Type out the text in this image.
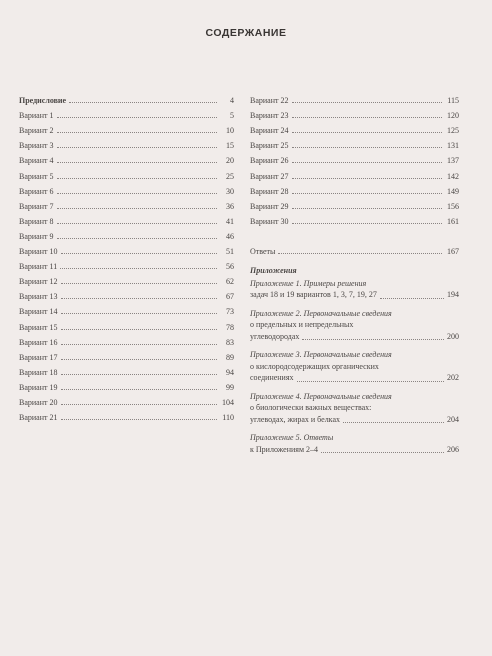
СОДЕРЖАНИЕ
Предисловие	4
Вариант 1	5
Вариант 2	10
Вариант 3	15
Вариант 4	20
Вариант 5	25
Вариант 6	30
Вариант 7	36
Вариант 8	41
Вариант 9	46
Вариант 10	51
Вариант 11	56
Вариант 12	62
Вариант 13	67
Вариант 14	73
Вариант 15	78
Вариант 16	83
Вариант 17	89
Вариант 18	94
Вариант 19	99
Вариант 20	104
Вариант 21	110
Вариант 22	115
Вариант 23	120
Вариант 24	125
Вариант 25	131
Вариант 26	137
Вариант 27	142
Вариант 28	149
Вариант 29	156
Вариант 30	161
Ответы	167
Приложения
Приложение 1. Примеры решения
задач 18 и 19 вариантов 1, 3, 7, 19, 27	194
Приложение 2. Первоначальные сведения
о предельных и непредельных
углеводородах	200
Приложение 3. Первоначальные сведения
о кислородсодержащих органических
соединениях	202
Приложение 4. Первоначальные сведения
о биологически важных веществах:
углеводах, жирах и белках	204
Приложение 5. Ответы
к Приложениям 2–4	206
